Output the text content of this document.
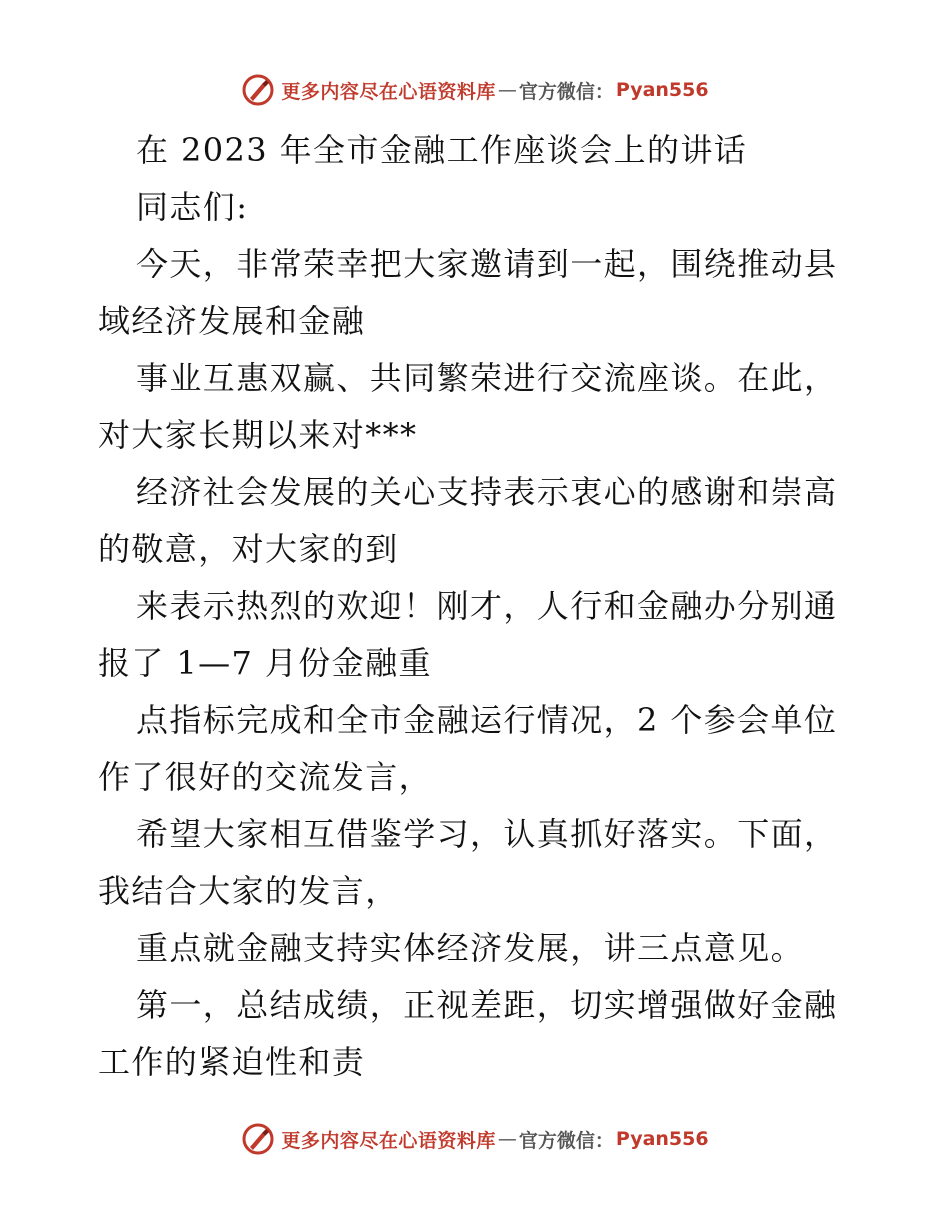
更多内容尽在心语资料库 — 官方微信： Pyan556
在 2023 年全市金融工作座谈会上的讲话
同志们:
今天，非常荣幸把大家邀请到一起，围绕推动县
域经济发展和金融
事业互惠双赢、共同繁荣进行交流座谈。在此，
对大家长期以来对***
经济社会发展的关心支持表示衷心的感谢和崇高
的敬意，对大家的到
来表示热烈的欢迎！刚才，人行和金融办分别通
报了 1—7 月份金融重
点指标完成和全市金融运行情况，2 个参会单位
作了很好的交流发言，
希望大家相互借鉴学习，认真抓好落实。下面，
我结合大家的发言，
重点就金融支持实体经济发展，讲三点意见。
第一，总结成绩，正视差距，切实增强做好金融
工作的紧迫性和责
更多内容尽在心语资料库 — 官方微信： Pyan556
